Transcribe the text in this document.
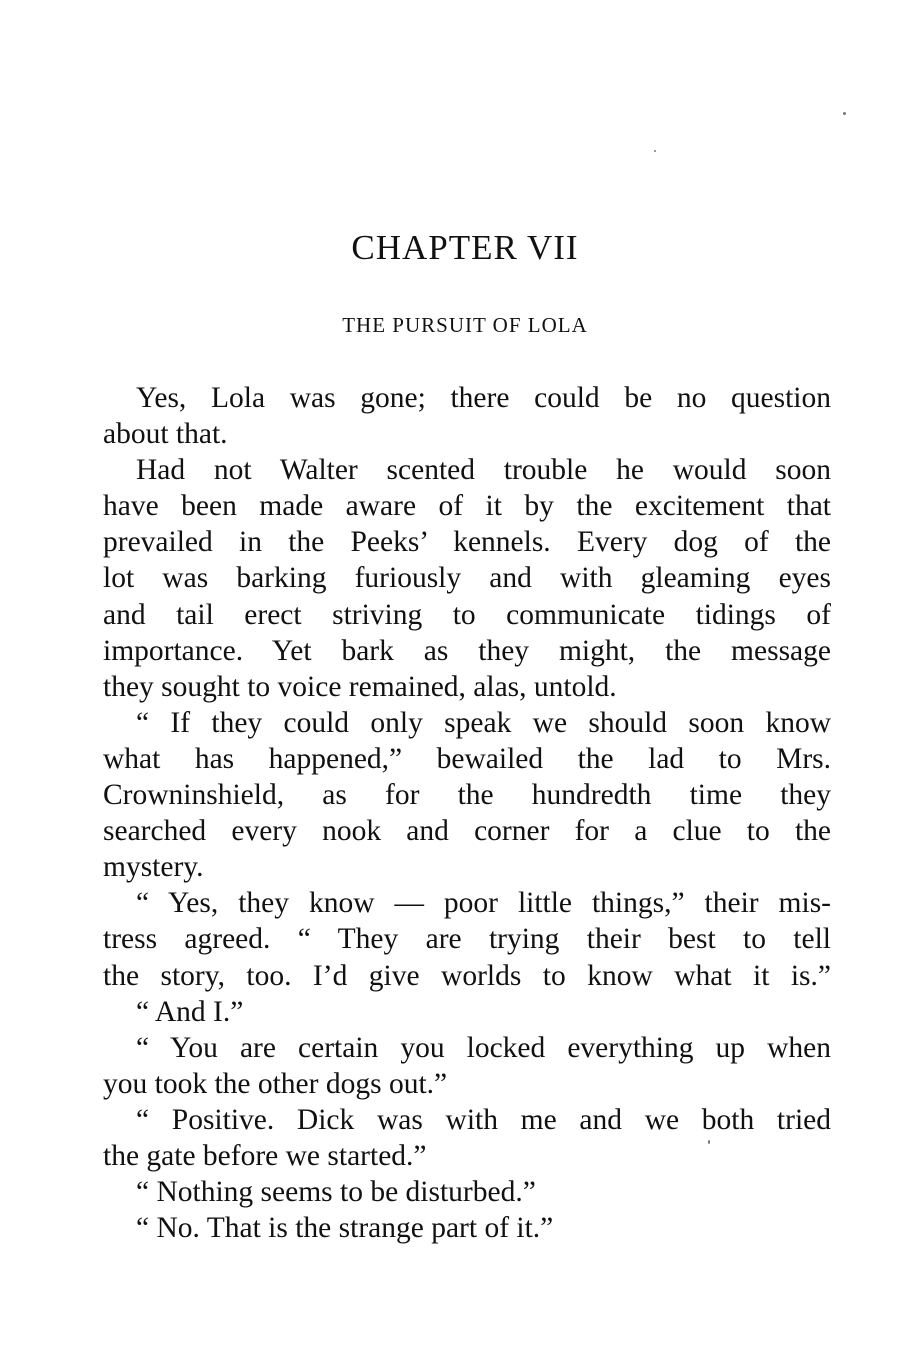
CHAPTER VII
THE PURSUIT OF LOLA
Yes, Lola was gone; there could be no question
about that.
Had not Walter scented trouble he would soon
have been made aware of it by the excitement that
prevailed in the Peeks’ kennels. Every dog of the
lot was barking furiously and with gleaming eyes
and tail erect striving to communicate tidings of
importance. Yet bark as they might, the message
they sought to voice remained, alas, untold.
“ If they could only speak we should soon know
what has happened,” bewailed the lad to Mrs.
Crowninshield, as for the hundredth time they
searched every nook and corner for a clue to the
mystery.
“ Yes, they know — poor little things,” their mis-
tress agreed. “ They are trying their best to tell
the story, too. I’d give worlds to know what it is.”
“ And I.”
“ You are certain you locked everything up when
you took the other dogs out.”
“ Positive. Dick was with me and we both tried
the gate before we started.”
“ Nothing seems to be disturbed.”
“ No. That is the strange part of it.”
